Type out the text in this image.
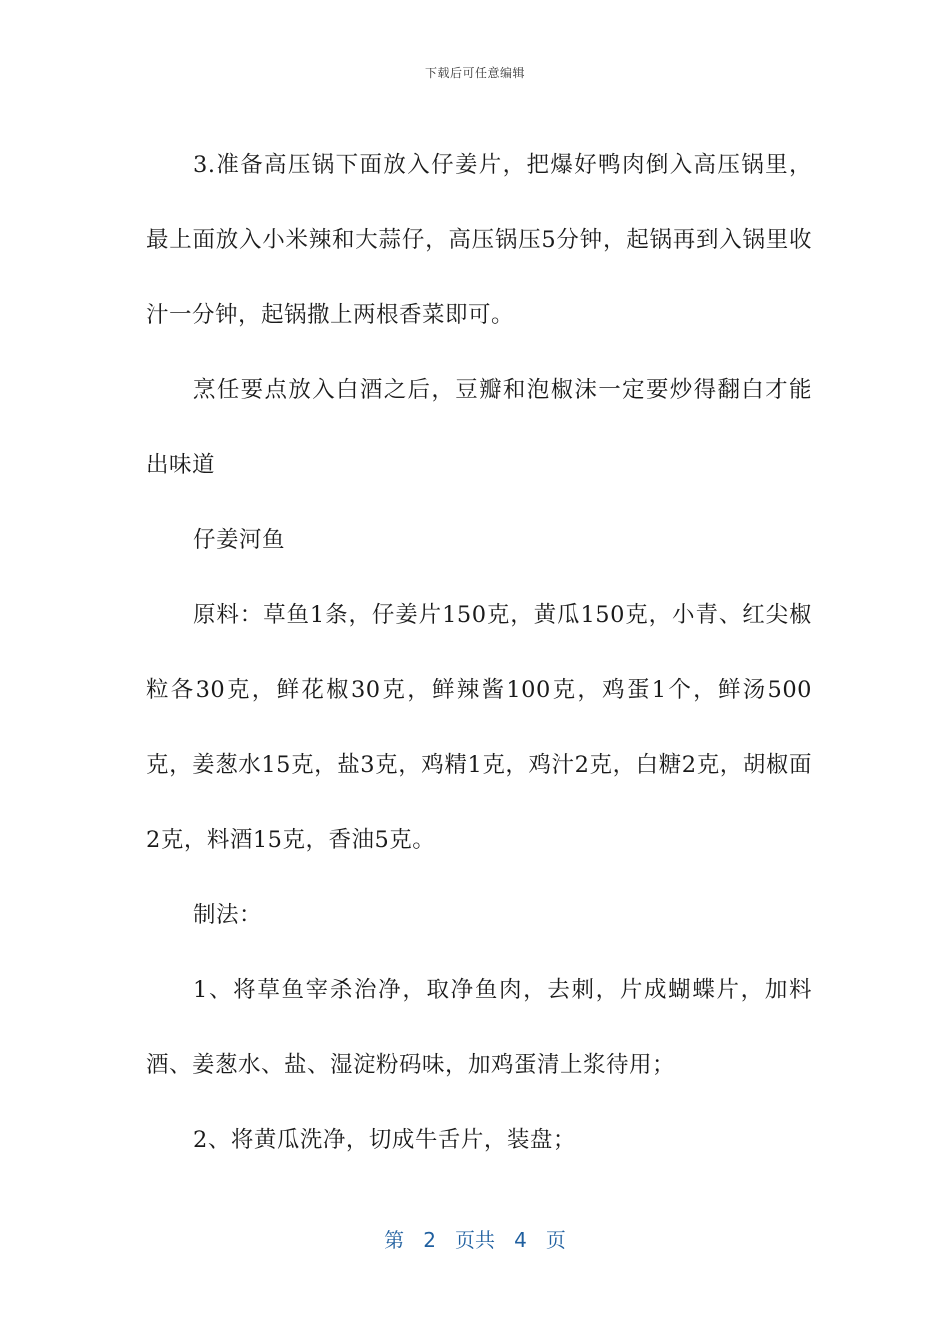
下载后可任意编辑

3.准备高压锅下面放入仔姜片，把爆好鸭肉倒入高压锅里，最上面放入小米辣和大蒜仔，高压锅压5分钟，起锅再到入锅里收汁一分钟，起锅撒上两根香菜即可。

烹任要点放入白酒之后，豆瓣和泡椒沫一定要炒得翻白才能出味道

仔姜河鱼

原料：草鱼1条，仔姜片150克，黄瓜150克，小青、红尖椒粒各30克，鲜花椒30克，鲜辣酱100克，鸡蛋1个，鲜汤500克，姜葱水15克，盐3克，鸡精1克，鸡汁2克，白糖2克，胡椒面2克，料酒15克，香油5克。

制法：

1、将草鱼宰杀治净，取净鱼肉，去刺，片成蝴蝶片，加料酒、姜葱水、盐、湿淀粉码味，加鸡蛋清上浆待用；

2、将黄瓜洗净，切成牛舌片，装盘；

第 2 页共 4 页
